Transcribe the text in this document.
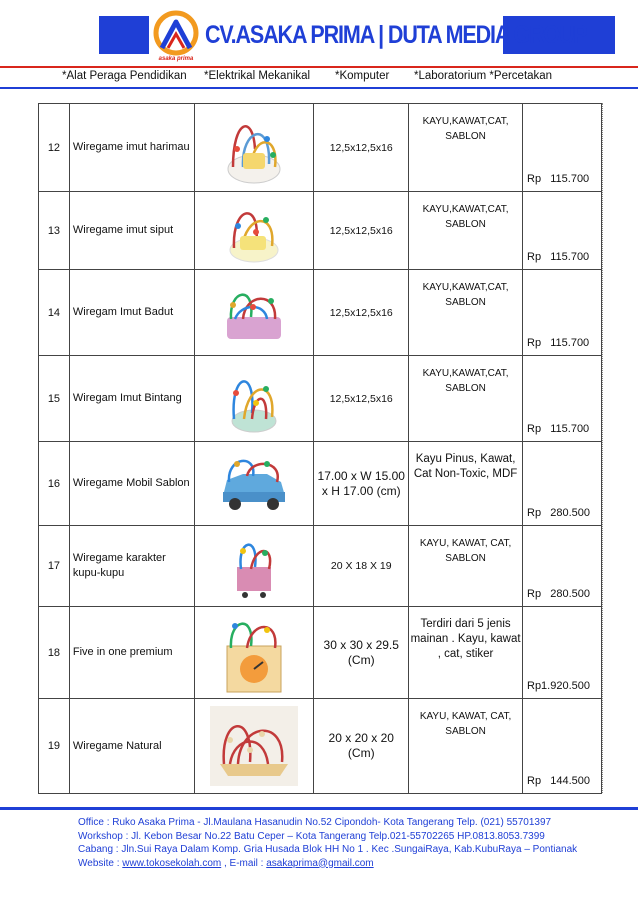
asaka prima
CV.ASAKA PRIMA | DUTA MEDIA GROUP
*Alat Peraga Pendidikan *Elektrikal Mekanikal *Komputer *Laboratorium *Percetakan
12	Wiregame imut harimau		12,5x12,5x16	KAYU,KAWAT,CAT, SABLON	Rp   115.700
13	Wiregame imut siput		12,5x12,5x16	KAYU,KAWAT,CAT, SABLON	Rp   115.700
14	Wiregam Imut Badut		12,5x12,5x16	KAYU,KAWAT,CAT, SABLON	Rp   115.700
15	Wiregam Imut Bintang		12,5x12,5x16	KAYU,KAWAT,CAT, SABLON	Rp   115.700
16	Wiregame Mobil Sablon		17.00 x W 15.00 x H 17.00 (cm)	Kayu Pinus, Kawat, Cat Non-Toxic, MDF	Rp   280.500
17	Wiregame karakter kupu-kupu		20 X 18 X 19	KAYU, KAWAT, CAT, SABLON	Rp   280.500
18	Five in one premium		30 x 30 x 29.5 (Cm)	Terdiri dari 5 jenis mainan . Kayu, kawat , cat, stiker	Rp1.920.500
19	Wiregame Natural		20 x 20 x 20 (Cm)	KAYU, KAWAT, CAT, SABLON	Rp   144.500
Office : Ruko Asaka Prima - Jl.Maulana Hasanudin No.52 Cipondoh- Kota Tangerang Telp. (021) 55701397
Workshop : Jl. Kebon Besar No.22 Batu Ceper – Kota Tangerang Telp.021-55702265 HP.0813.8053.7399
Cabang : Jln.Sui Raya Dalam Komp. Gria Husada Blok HH No 1 . Kec .SungaiRaya, Kab.KubuRaya – Pontianak
Website : www.tokosekolah.com , E-mail : asakaprima@gmail.com
